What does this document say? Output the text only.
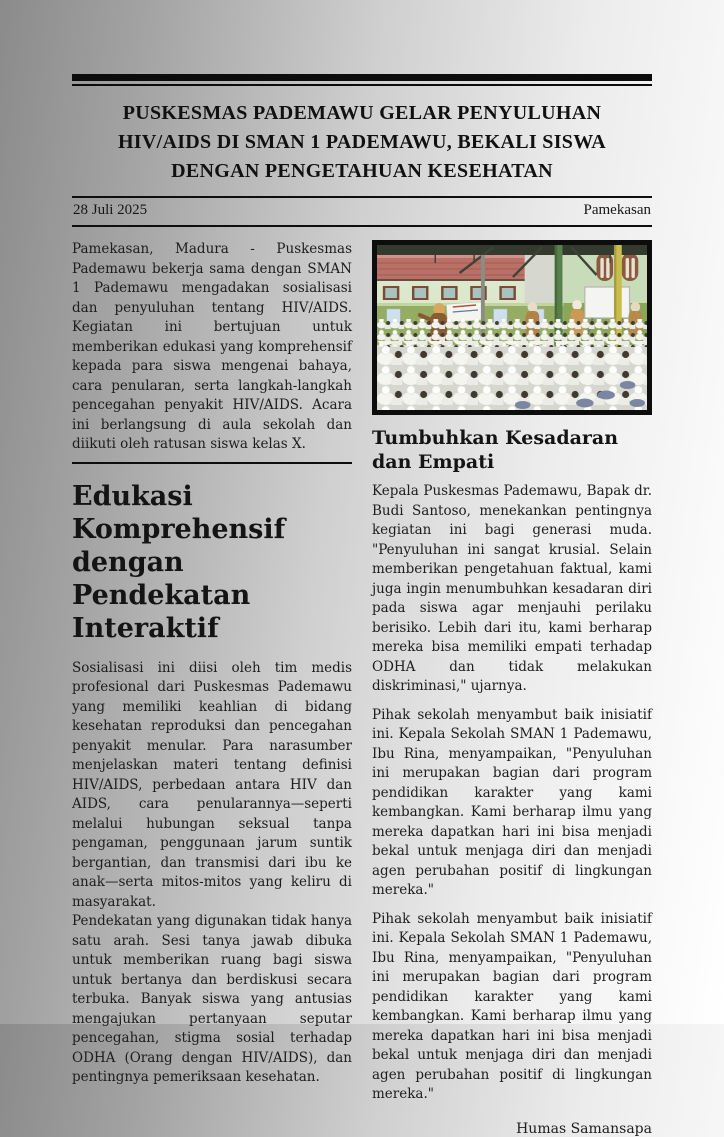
PUSKESMAS PADEMAWU GELAR PENYULUHAN HIV/AIDS DI SMAN 1 PADEMAWU, BEKALI SISWA DENGAN PENGETAHUAN KESEHATAN
28 Juli 2025	Pamekasan

Pamekasan, Madura - Puskesmas Pademawu bekerja sama dengan SMAN 1 Pademawu mengadakan sosialisasi dan penyuluhan tentang HIV/AIDS. Kegiatan ini bertujuan untuk memberikan edukasi yang komprehensif kepada para siswa mengenai bahaya, cara penularan, serta langkah-langkah pencegahan penyakit HIV/AIDS. Acara ini berlangsung di aula sekolah dan diikuti oleh ratusan siswa kelas X.

Edukasi Komprehensif dengan Pendekatan Interaktif

Sosialisasi ini diisi oleh tim medis profesional dari Puskesmas Pademawu yang memiliki keahlian di bidang kesehatan reproduksi dan pencegahan penyakit menular. Para narasumber menjelaskan materi tentang definisi HIV/AIDS, perbedaan antara HIV dan AIDS, cara penularannya—seperti melalui hubungan seksual tanpa pengaman, penggunaan jarum suntik bergantian, dan transmisi dari ibu ke anak—serta mitos-mitos yang keliru di masyarakat.

Pendekatan yang digunakan tidak hanya satu arah. Sesi tanya jawab dibuka untuk memberikan ruang bagi siswa untuk bertanya dan berdiskusi secara terbuka. Banyak siswa yang antusias mengajukan pertanyaan seputar pencegahan, stigma sosial terhadap ODHA (Orang dengan HIV/AIDS), dan pentingnya pemeriksaan kesehatan.

Tumbuhkan Kesadaran dan Empati

Kepala Puskesmas Pademawu, Bapak dr. Budi Santoso, menekankan pentingnya kegiatan ini bagi generasi muda. "Penyuluhan ini sangat krusial. Selain memberikan pengetahuan faktual, kami juga ingin menumbuhkan kesadaran diri pada siswa agar menjauhi perilaku berisiko. Lebih dari itu, kami berharap mereka bisa memiliki empati terhadap ODHA dan tidak melakukan diskriminasi," ujarnya.

Pihak sekolah menyambut baik inisiatif ini. Kepala Sekolah SMAN 1 Pademawu, Ibu Rina, menyampaikan, "Penyuluhan ini merupakan bagian dari program pendidikan karakter yang kami kembangkan. Kami berharap ilmu yang mereka dapatkan hari ini bisa menjadi bekal untuk menjaga diri dan menjadi agen perubahan positif di lingkungan mereka."

Pihak sekolah menyambut baik inisiatif ini. Kepala Sekolah SMAN 1 Pademawu, Ibu Rina, menyampaikan, "Penyuluhan ini merupakan bagian dari program pendidikan karakter yang kami kembangkan. Kami berharap ilmu yang mereka dapatkan hari ini bisa menjadi bekal untuk menjaga diri dan menjadi agen perubahan positif di lingkungan mereka."

Humas Samansapa
